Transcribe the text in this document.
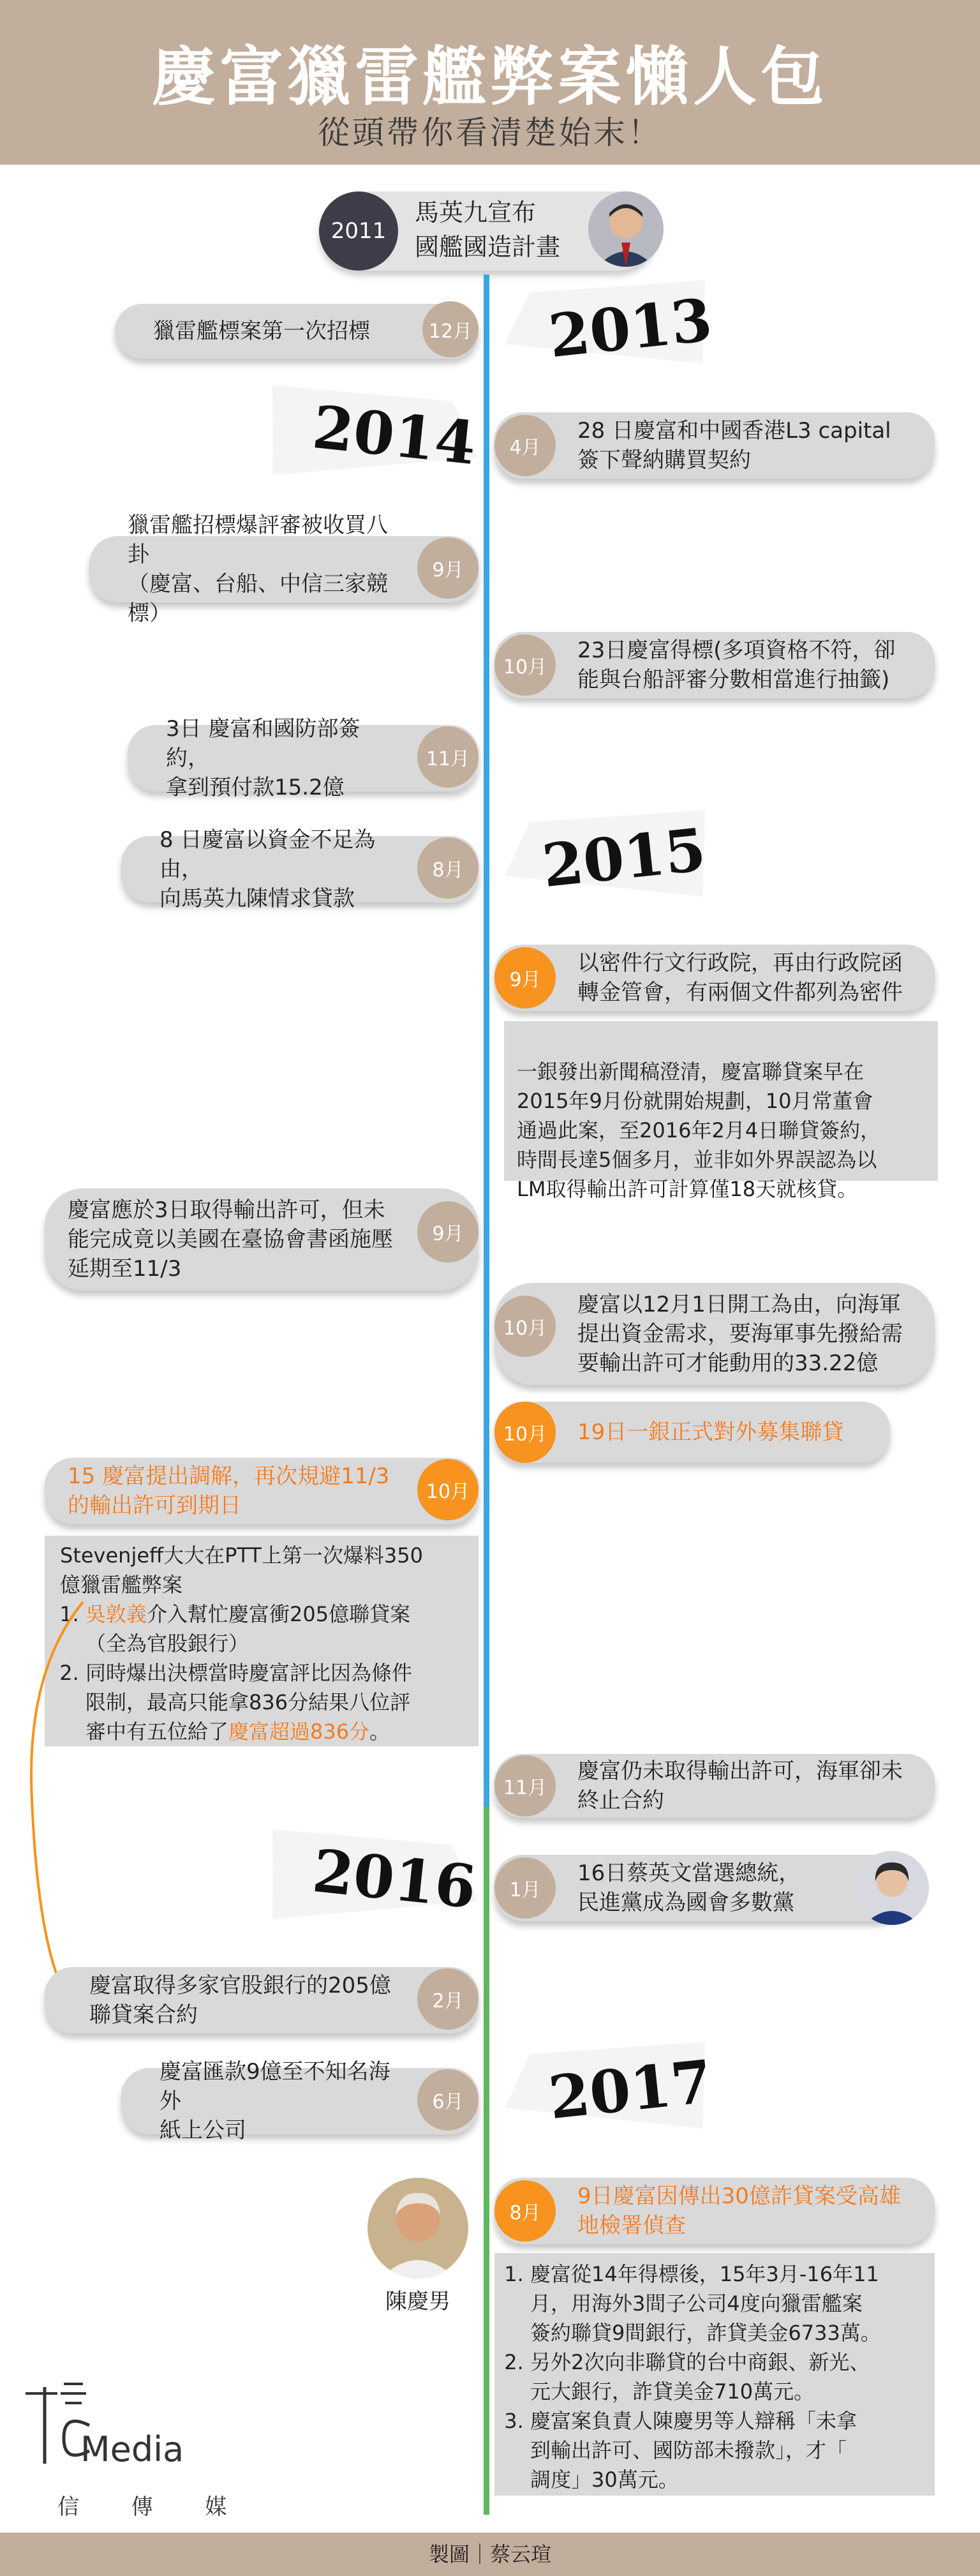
慶富獵雷艦弊案懶人包
從頭帶你看清楚始末！
2011
馬英九宣布
國艦國造計畫
2013
獵雷艦標案第一次招標	12月
2014	28 日慶富和中國香港L3 capital
簽下聲納購買契約
4月
獵雷艦招標爆評審被收買八卦
（慶富、台船、中信三家競標）
9月
23日慶富得標(多項資格不符，卻
能與台船評審分數相當進行抽籤)
10月
3日 慶富和國防部簽約，
拿到預付款15.2億
11月
8 日慶富以資金不足為由，
向馬英九陳情求貸款
8月 2015
以密件行文行政院，再由行政院函
轉金管會，有兩個文件都列為密件
9月

一銀發出新聞稿澄清，慶富聯貸案早在
2015年9月份就開始規劃，10月常董會
通過此案，至2016年2月4日聯貸簽約，
時間長達5個多月，並非如外界誤認為以
LM取得輸出許可計算僅18天就核貸。

慶富應於3日取得輸出許可，但未
能完成竟以美國在臺協會書函施壓
延期至11/3
9月
慶富以12月1日開工為由，向海軍
提出資金需求，要海軍事先撥給需
要輸出許可才能動用的33.22億
10月
19日一銀正式對外募集聯貸
10月
15 慶富提出調解，再次規避11/3
的輸出許可到期日
10月
Stevenjeff大大在PTT上第一次爆料350
億獵雷艦弊案
1. 吳敦義介入幫忙慶富衝205億聯貸案
（全為官股銀行）
2. 同時爆出決標當時慶富評比因為條件
限制，最高只能拿836分結果八位評
審中有五位給了慶富超過836分。
慶富仍未取得輸出許可，海軍卻未
終止合約
11月
2016	16日蔡英文當選總統，
民進黨成為國會多數黨
1月
慶富取得多家官股銀行的205億
聯貸案合約
2月
慶富匯款9億至不知名海外
紙上公司
6月 2017
9日慶富因傳出30億詐貸案受高雄
地檢署偵查
8月
1. 慶富從14年得標後，15年3月-16年11
月，用海外3間子公司4度向獵雷艦案
簽約聯貸9間銀行，詐貸美金6733萬。
2. 另外2次向非聯貸的台中商銀、新光、
元大銀行，詐貸美金710萬元。
3. 慶富案負責人陳慶男等人辯稱「未拿
到輸出許可、國防部未撥款」，才「
調度」30萬元。
陳慶男
Media
信  傳  媒
製圖｜蔡云瑄
